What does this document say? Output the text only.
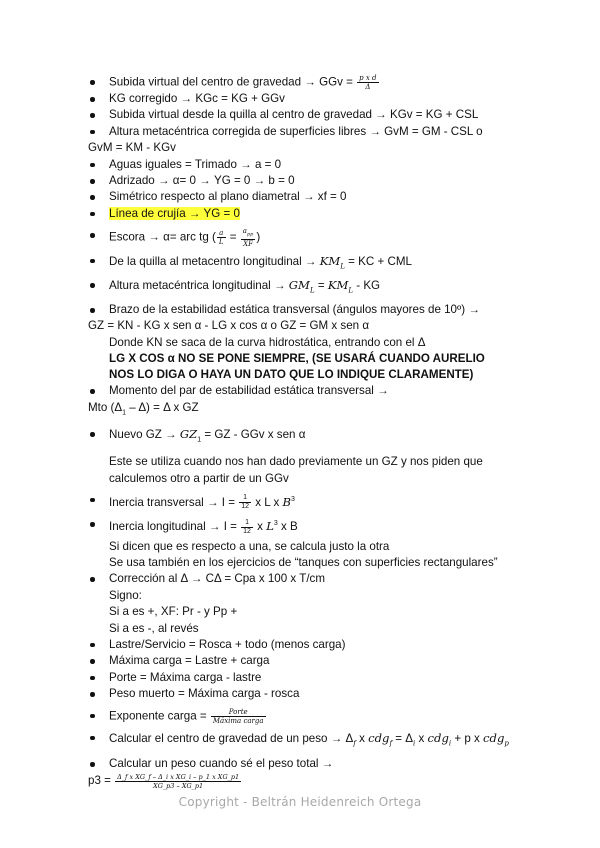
Subida virtual del centro de gravedad → GGv = $\frac{\text{p x d}}{\Delta}$
KG corregido → KGc = KG + GGv
Subida virtual desde la quilla al centro de gravedad → KGv = KG + CSL
Altura metacéntrica corregida de superficies libres → GvM = GM - CSL o
GvM = KM - KGv
Aguas iguales = Trimado → a = 0
Adrizado → α= 0 → YG = 0 → b = 0
Simétrico respecto al plano diametral → xf = 0
Línea de crujía → YG = 0
Escora → α= arc tg ( $\frac{a}{L} = \frac{a_{pp}}{XF}$ )
De la quilla al metacentro longitudinal → $KM_L$ = KC + CML
Altura metacéntrica longitudinal → $GM_L = KM_L$ - KG
Brazo de la estabilidad estática transversal (ángulos mayores de 10º) →
GZ = KN - KG x sen α - LG x cos α o GZ = GM x sen α
Donde KN se saca de la curva hidrostática, entrando con el Δ

LG X COS α NO SE PONE SIEMPRE, (SE USARÁ CUANDO AURELIO NOS LO DIGA O HAYA UN DATO QUE LO INDIQUE CLARAMENTE)
Momento del par de estabilidad estática transversal →
Mto $(\Delta_1 - \Delta) = \Delta$ x GZ
Nuevo GZ → $GZ_1$ = GZ - GGv x sen α
Este se utiliza cuando nos han dado previamente un GZ y nos piden que calculemos otro a partir de un GGv
Inercia transversal → $I = \frac{1}{12}$ x L x $B^3$
Inercia longitudinal → $I = \frac{1}{12}$ x $L^3$ x B
Si dicen que es respecto a una, se calcula justo la otra
Se usa también en los ejercicios de “tanques con superficies rectangulares”
Corrección al Δ → CΔ = Cpa x 100 x T/cm
Signo:
Si a es +, XF: Pr - y Pp +
Si a es -, al revés
Lastre/Servicio = Rosca + todo (menos carga)
Máxima carga = Lastre + carga
Porte = Máxima carga - lastre
Peso muerto = Máxima carga - rosca
Exponente carga = $\frac{\text{Porte}}{\text{Máxima carga}}$
Calcular el centro de gravedad de un peso → $\Delta_f$ x $cdg_f = \Delta_i$ x cdg$_i$ + p x cdg$_p$
Calcular un peso cuando sé el peso total →
$p3 = \frac{\text{Δ\_f x XG\_f – Δ\_i x XG\_i – p\_1 x XG\_p1}}{XG\_p3 - XG\_p1}$
Copyright - Beltrán Heidenreich Ortega
